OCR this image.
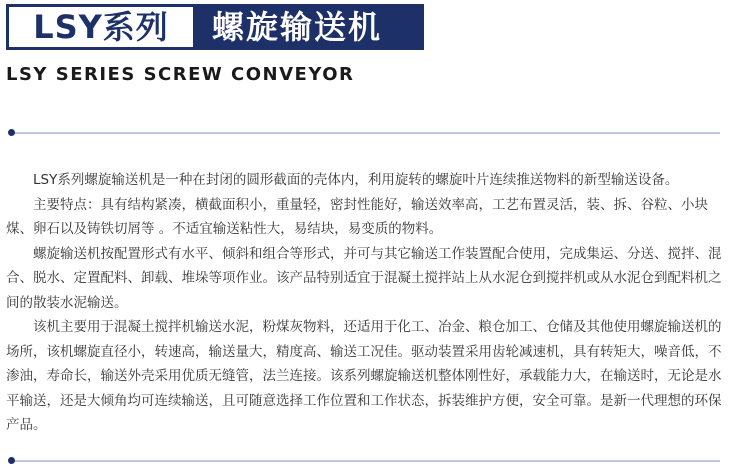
LSY系列	螺旋输送机
LSY SERIES SCREW CONVEYOR

LSY系列螺旋输送机是一种在封闭的圆形截面的壳体内，利用旋转的螺旋叶片连续推送物料的新型输送设备。

主要特点：具有结构紧凑，横截面积小，重量轻，密封性能好，输送效率高，工艺布置灵活，装、拆、谷粒、小块煤、卵石以及铸铁切屑等 。不适宜输送粘性大，易结块，易变质的物料。

螺旋输送机按配置形式有水平、倾斜和组合等形式，并可与其它输送工作装置配合使用，完成集运、分送、搅拌、混合、脱水、定置配料、卸载、堆垛等项作业。该产品特别适宜于混凝土搅拌站上从水泥仓到搅拌机或从水泥仓到配料机之间的散装水泥输送。

该机主要用于混凝土搅拌机输送水泥，粉煤灰物料，还适用于化工、冶金、粮仓加工、仓储及其他使用螺旋输送机的场所，该机螺旋直径小，转速高，输送量大，精度高、输送工况佳。驱动装置采用齿轮减速机，具有转矩大，噪音低，不渗油，寿命长，输送外壳采用优质无缝管，法兰连接。该系列螺旋输送机整体刚性好，承载能力大，在输送时，无论是水平输送，还是大倾角均可连续输送，且可随意选择工作位置和工作状态，拆装维护方便，安全可靠。是新一代理想的环保产品。
